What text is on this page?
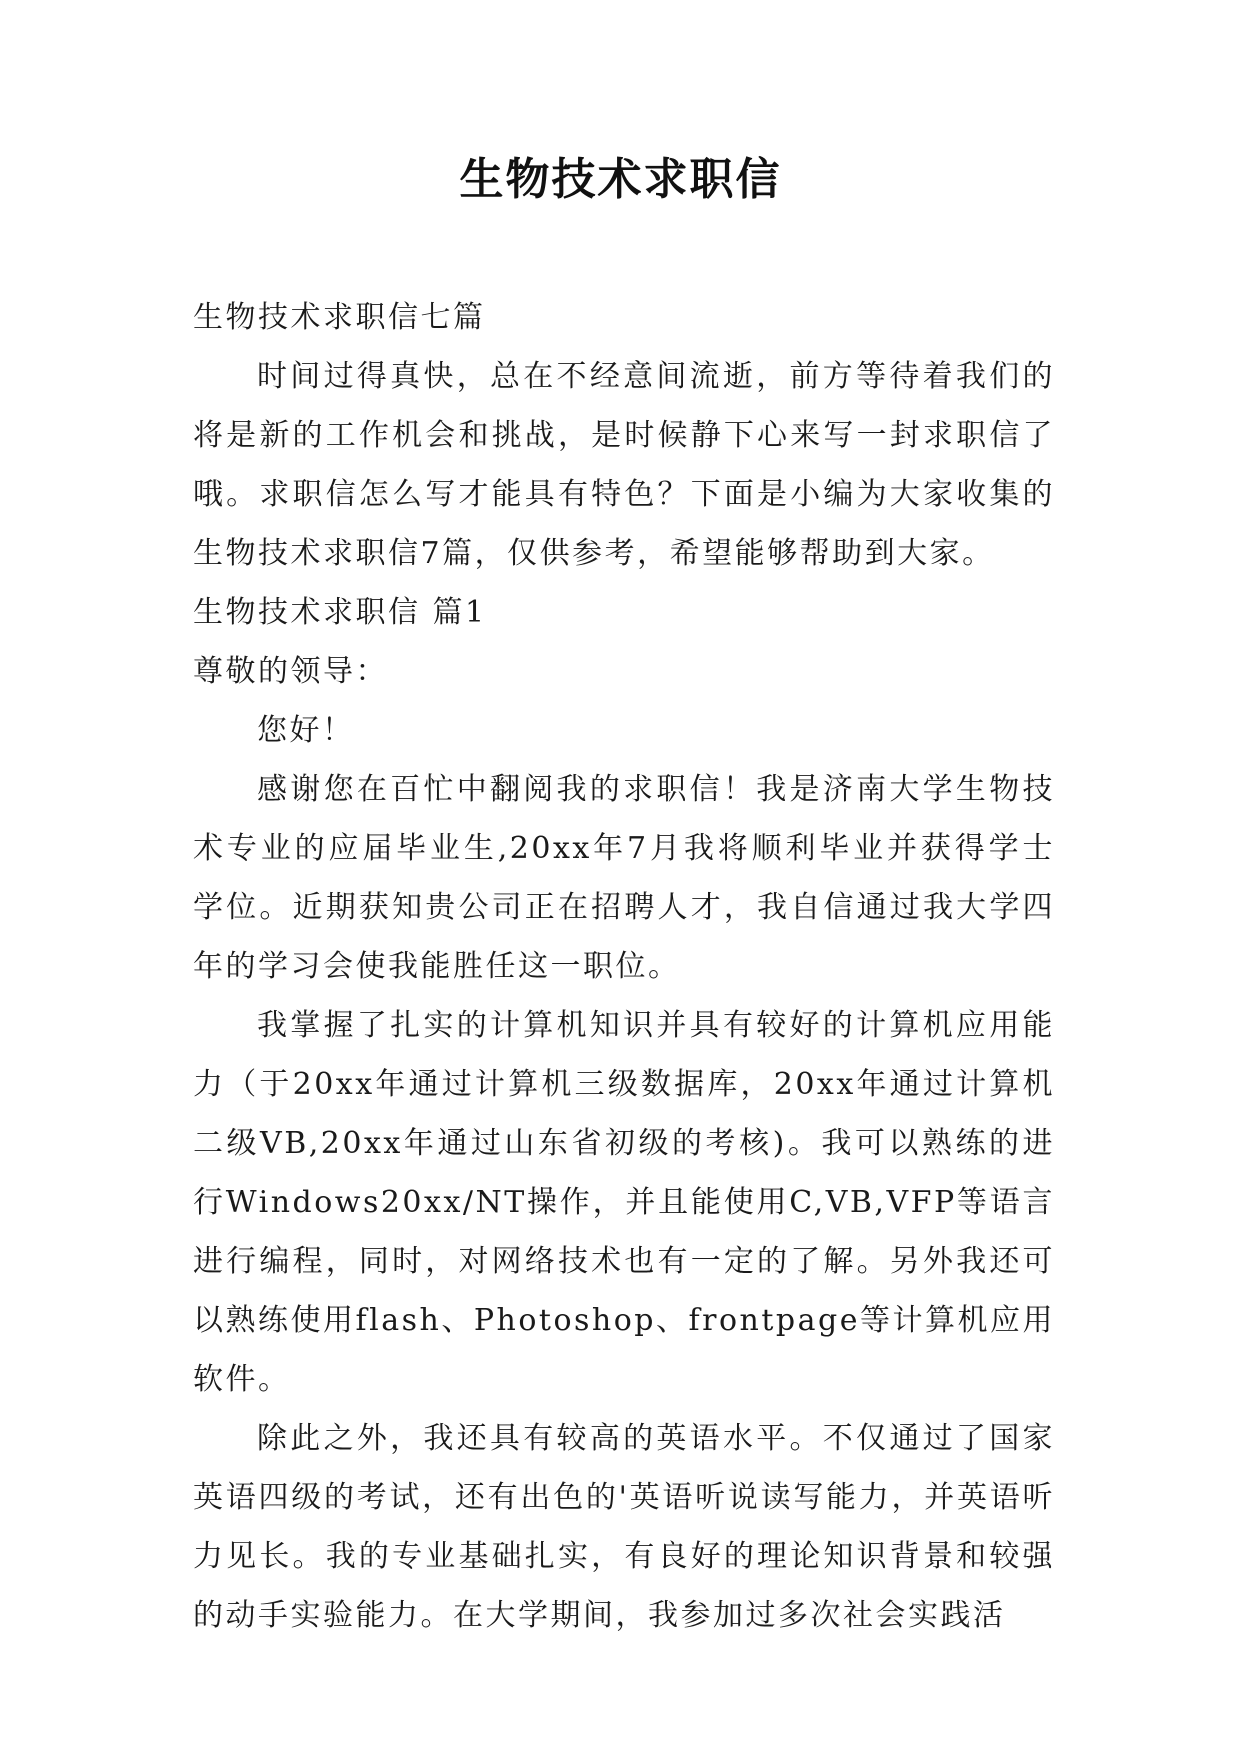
生物技术求职信

生物技术求职信七篇

时间过得真快，总在不经意间流逝，前方等待着我们的将是新的工作机会和挑战，是时候静下心来写一封求职信了哦。求职信怎么写才能具有特色？下面是小编为大家收集的生物技术求职信7篇，仅供参考，希望能够帮助到大家。

生物技术求职信 篇1

尊敬的领导：

您好！

感谢您在百忙中翻阅我的求职信！我是济南大学生物技术专业的应届毕业生,20xx年7月我将顺利毕业并获得学士学位。近期获知贵公司正在招聘人才，我自信通过我大学四年的学习会使我能胜任这一职位。

我掌握了扎实的计算机知识并具有较好的计算机应用能力（于20xx年通过计算机三级数据库，20xx年通过计算机二级VB,20xx年通过山东省初级的考核)。我可以熟练的进行Windows20xx/NT操作，并且能使用C,VB,VFP等语言进行编程，同时，对网络技术也有一定的了解。另外我还可以熟练使用flash、Photoshop、frontpage等计算机应用软件。

除此之外，我还具有较高的英语水平。不仅通过了国家英语四级的考试，还有出色的'英语听说读写能力，并英语听力见长。我的专业基础扎实，有良好的理论知识背景和较强的动手实验能力。在大学期间，我参加过多次社会实践活
